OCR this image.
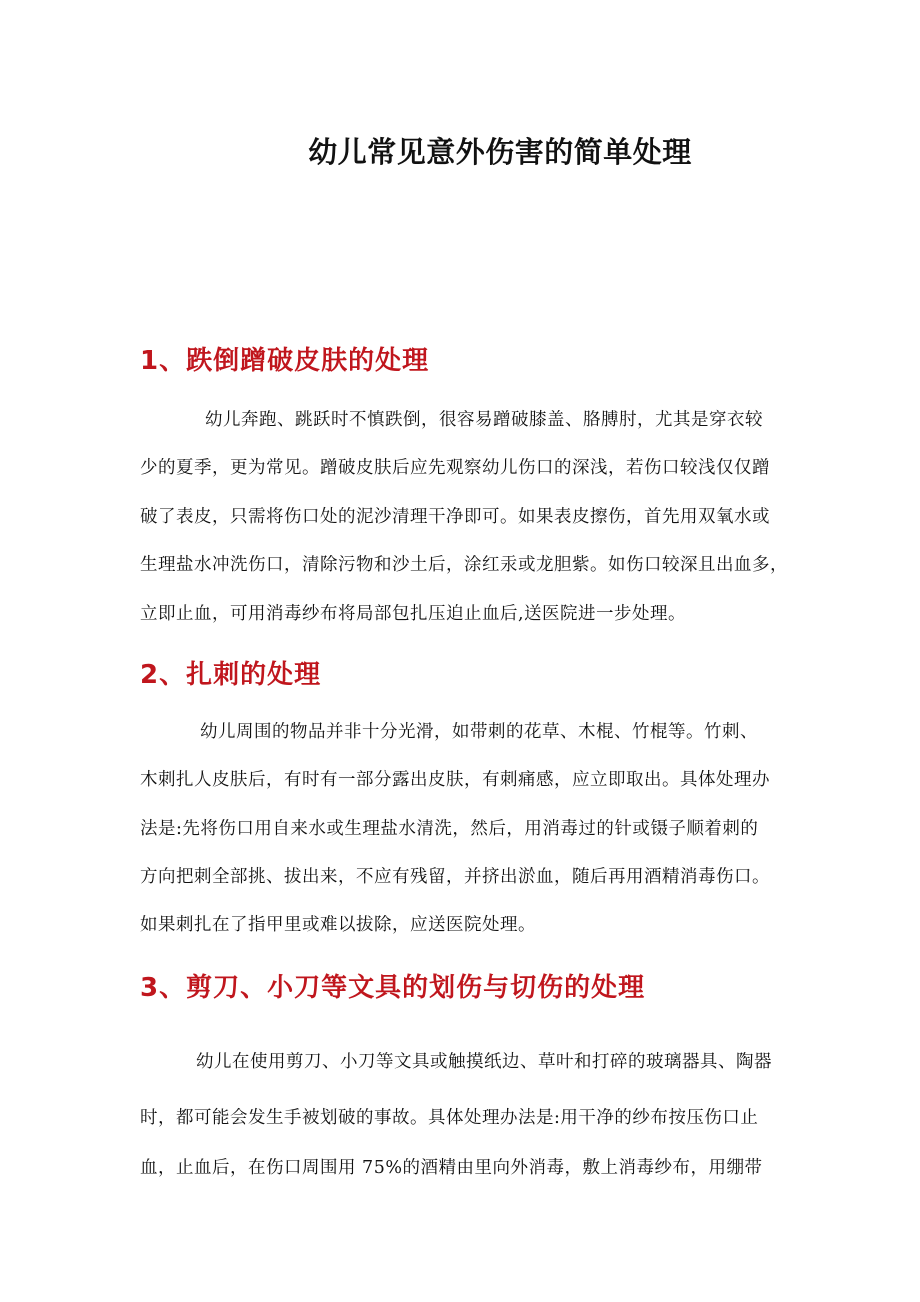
幼儿常见意外伤害的简单处理
1、跌倒蹭破皮肤的处理

幼儿奔跑、跳跃时不慎跌倒，很容易蹭破膝盖、胳膊肘，尤其是穿衣较

少的夏季，更为常见。蹭破皮肤后应先观察幼儿伤口的深浅，若伤口较浅仅仅蹭

破了表皮，只需将伤口处的泥沙清理干净即可。如果表皮擦伤，首先用双氧水或

生理盐水冲洗伤口，清除污物和沙土后，涂红汞或龙胆紫。如伤口较深且出血多，

立即止血，可用消毒纱布将局部包扎压迫止血后,送医院进一步处理。

2、扎刺的处理

幼儿周围的物品并非十分光滑，如带刺的花草、木棍、竹棍等。竹刺、

木刺扎人皮肤后，有时有一部分露出皮肤，有刺痛感，应立即取出。具体处理办

法是:先将伤口用自来水或生理盐水清洗，然后，用消毒过的针或镊子顺着刺的

方向把刺全部挑、拔出来，不应有残留，并挤出淤血，随后再用酒精消毒伤口。

如果刺扎在了指甲里或难以拔除，应送医院处理。

3、剪刀、小刀等文具的划伤与切伤的处理

幼儿在使用剪刀、小刀等文具或触摸纸边、草叶和打碎的玻璃器具、陶器

时，都可能会发生手被划破的事故。具体处理办法是:用干净的纱布按压伤口止

血，止血后，在伤口周围用 75%的酒精由里向外消毒，敷上消毒纱布，用绷带
